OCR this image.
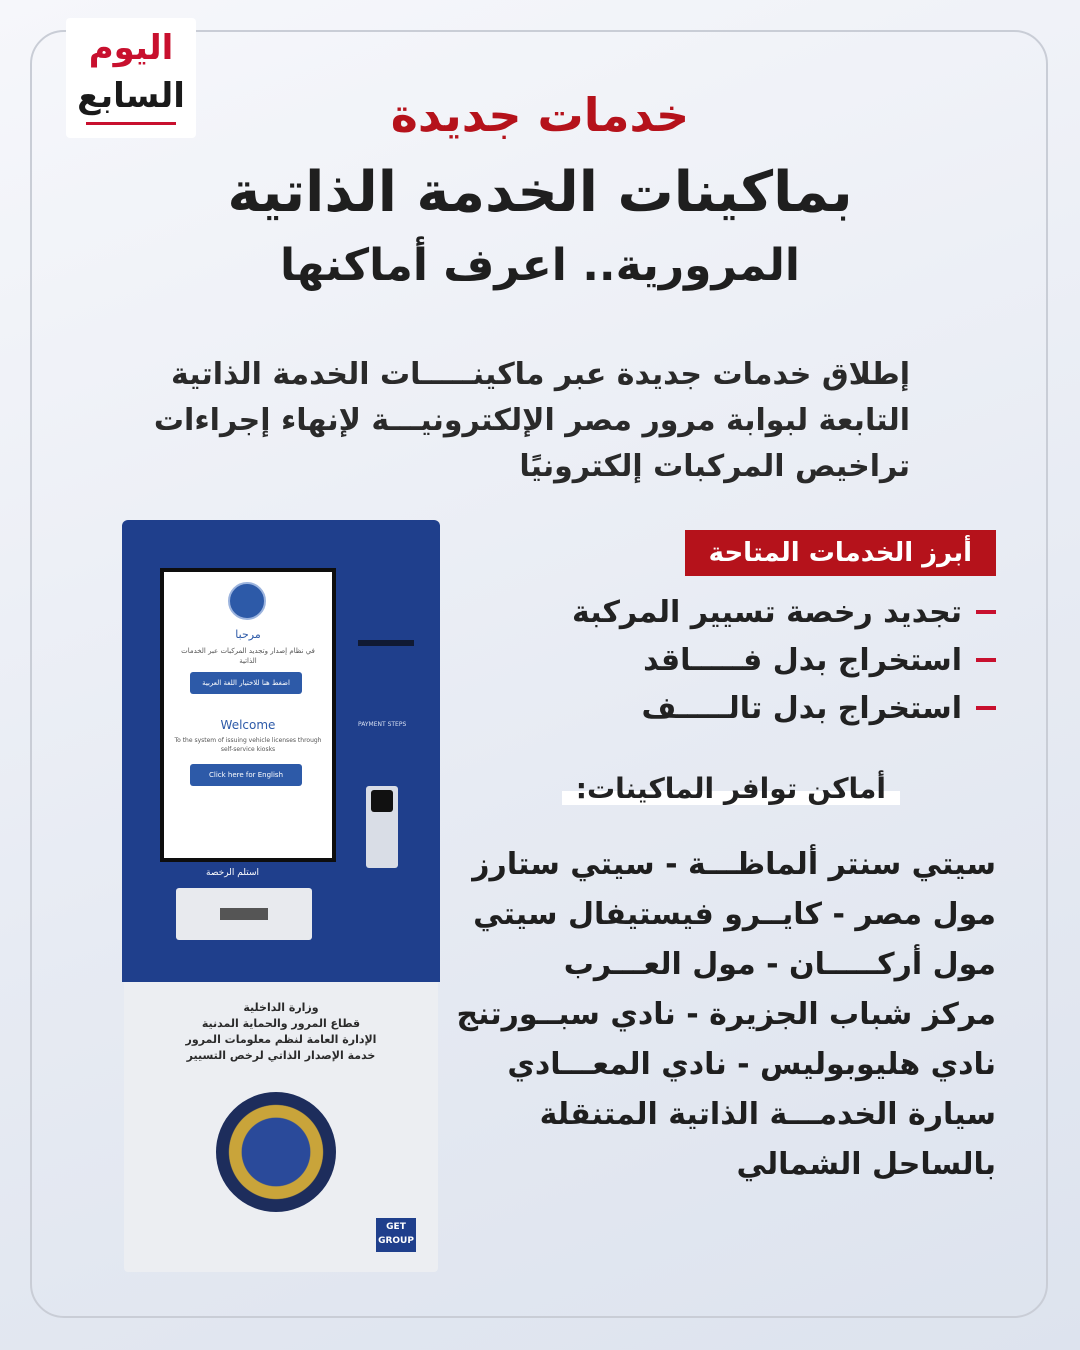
اليوم
السابع	خدمات جديدة
بماكينات الخدمة الذاتية
المرورية.. اعرف أماكنها
إطلاق خدمات جديدة عبر ماكينـــــات الخدمة الذاتية
التابعة لبوابة مرور مصر الإلكترونيـــة لإنهاء إجراءات
تراخيص المركبات إلكترونيًا
أبرز الخدمات المتاحة
تجديد رخصة تسيير المركبة
استخراج بدل فـــــاقد
استخراج بدل تالـــــف
أماكن توافر الماكينات:
سيتي سنتر ألماظـــة - سيتي ستارز
مول مصر - كايــرو فيستيفال سيتي
مول أركـــــان - مول العـــرب
مركز شباب الجزيرة - نادي سبــورتنج
نادي هليوبوليس - نادي المعـــادي
سيارة الخدمـــة الذاتية المتنقلة
بالساحل الشمالي
مرحبا
في نظام إصدار وتجديد المركبات عبر الخدمات الذاتية
اضغط هنا للاختيار اللغة العربية
Welcome
To the system of issuing vehicle licenses through self-service kiosks
Click here for English
PAYMENT STEPS
استلم الرخصة
وزارة الداخلية
قطاع المرور والحماية المدنية
الإدارة العامة لنظم معلومات المرور
خدمة الإصدار الذاتي لرخص التسيير
GET
GROUP
